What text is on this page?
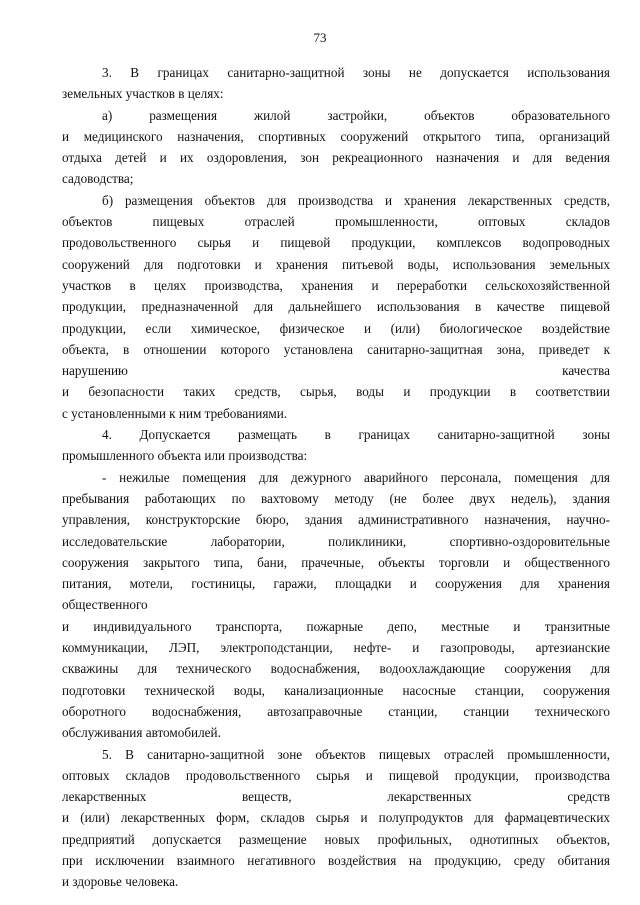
73
3. В границах санитарно-защитной зоны не допускается использования
земельных участков в целях:
а) размещения жилой застройки, объектов образовательного
и медицинского назначения, спортивных сооружений открытого типа, организаций
отдыха детей и их оздоровления, зон рекреационного назначения и для ведения
садоводства;
б) размещения объектов для производства и хранения лекарственных средств,
объектов пищевых отраслей промышленности, оптовых складов
продовольственного сырья и пищевой продукции, комплексов водопроводных
сооружений для подготовки и хранения питьевой воды, использования земельных
участков в целях производства, хранения и переработки сельскохозяйственной
продукции, предназначенной для дальнейшего использования в качестве пищевой
продукции, если химическое, физическое и (или) биологическое воздействие
объекта, в отношении которого установлена санитарно-защитная зона, приведет к
нарушению качества
и безопасности таких средств, сырья, воды и продукции в соответствии
с установленными к ним требованиями.
4. Допускается размещать в границах санитарно-защитной зоны
промышленного объекта или производства:
- нежилые помещения для дежурного аварийного персонала, помещения для
пребывания работающих по вахтовому методу (не более двух недель), здания
управления, конструкторские бюро, здания административного назначения, научно-
исследовательские лаборатории, поликлиники, спортивно-оздоровительные
сооружения закрытого типа, бани, прачечные, объекты торговли и общественного
питания, мотели, гостиницы, гаражи, площадки и сооружения для хранения
общественного
и индивидуального транспорта, пожарные депо, местные и транзитные
коммуникации, ЛЭП, электроподстанции, нефте- и газопроводы, артезианские
скважины для технического водоснабжения, водоохлаждающие сооружения для
подготовки технической воды, канализационные насосные станции, сооружения
оборотного водоснабжения, автозаправочные станции, станции технического
обслуживания автомобилей.
5. В санитарно-защитной зоне объектов пищевых отраслей промышленности,
оптовых складов продовольственного сырья и пищевой продукции, производства
лекарственных веществ, лекарственных средств
и (или) лекарственных форм, складов сырья и полупродуктов для фармацевтических
предприятий допускается размещение новых профильных, однотипных объектов,
при исключении взаимного негативного воздействия на продукцию, среду обитания
и здоровье человека.
